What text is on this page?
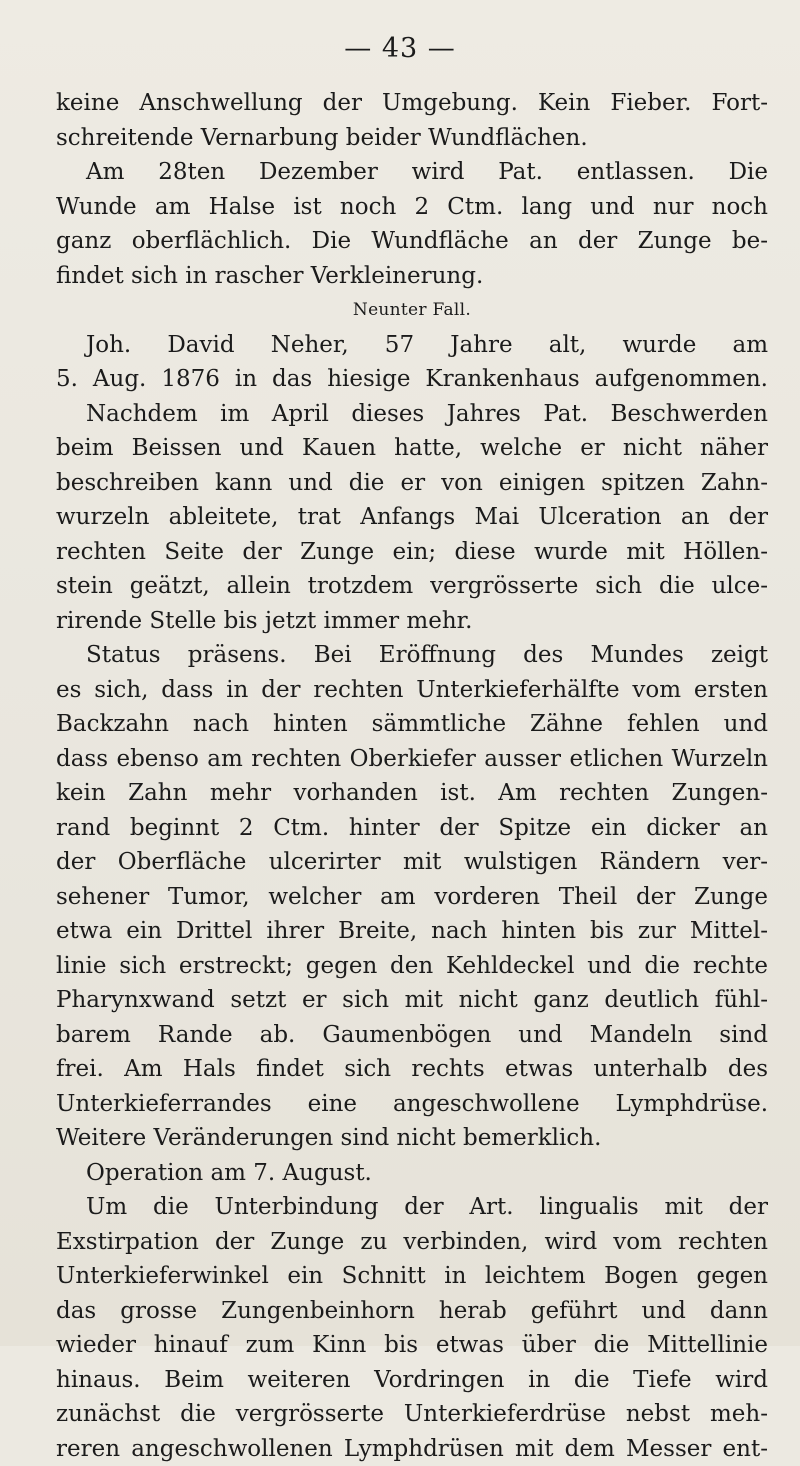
— 43 —
keine Anschwellung der Umgebung. Kein Fieber. Fort-
schreitende Vernarbung beider Wundflächen.
Am 28ten Dezember wird Pat. entlassen. Die
Wunde am Halse ist noch 2 Ctm. lang und nur noch
ganz oberflächlich. Die Wundfläche an der Zunge be-
findet sich in rascher Verkleinerung.
Neunter Fall.
Joh. David Neher, 57 Jahre alt, wurde am
5. Aug. 1876 in das hiesige Krankenhaus aufgenommen.
Nachdem im April dieses Jahres Pat. Beschwerden
beim Beissen und Kauen hatte, welche er nicht näher
beschreiben kann und die er von einigen spitzen Zahn-
wurzeln ableitete, trat Anfangs Mai Ulceration an der
rechten Seite der Zunge ein; diese wurde mit Höllen-
stein geätzt, allein trotzdem vergrösserte sich die ulce-
rirende Stelle bis jetzt immer mehr.
Status präsens. Bei Eröffnung des Mundes zeigt
es sich, dass in der rechten Unterkieferhälfte vom ersten
Backzahn nach hinten sämmtliche Zähne fehlen und
dass ebenso am rechten Oberkiefer ausser etlichen Wurzeln
kein Zahn mehr vorhanden ist. Am rechten Zungen-
rand beginnt 2 Ctm. hinter der Spitze ein dicker an
der Oberfläche ulcerirter mit wulstigen Rändern ver-
sehener Tumor, welcher am vorderen Theil der Zunge
etwa ein Drittel ihrer Breite, nach hinten bis zur Mittel-
linie sich erstreckt; gegen den Kehldeckel und die rechte
Pharynxwand setzt er sich mit nicht ganz deutlich fühl-
barem Rande ab. Gaumenbögen und Mandeln sind
frei. Am Hals findet sich rechts etwas unterhalb des
Unterkieferrandes eine angeschwollene Lymphdrüse.
Weitere Veränderungen sind nicht bemerklich.
Operation am 7. August.
Um die Unterbindung der Art. lingualis mit der
Exstirpation der Zunge zu verbinden, wird vom rechten
Unterkieferwinkel ein Schnitt in leichtem Bogen gegen
das grosse Zungenbeinhorn herab geführt und dann
wieder hinauf zum Kinn bis etwas über die Mittellinie
hinaus. Beim weiteren Vordringen in die Tiefe wird
zunächst die vergrösserte Unterkieferdrüse nebst meh-
reren angeschwollenen Lymphdrüsen mit dem Messer ent-
